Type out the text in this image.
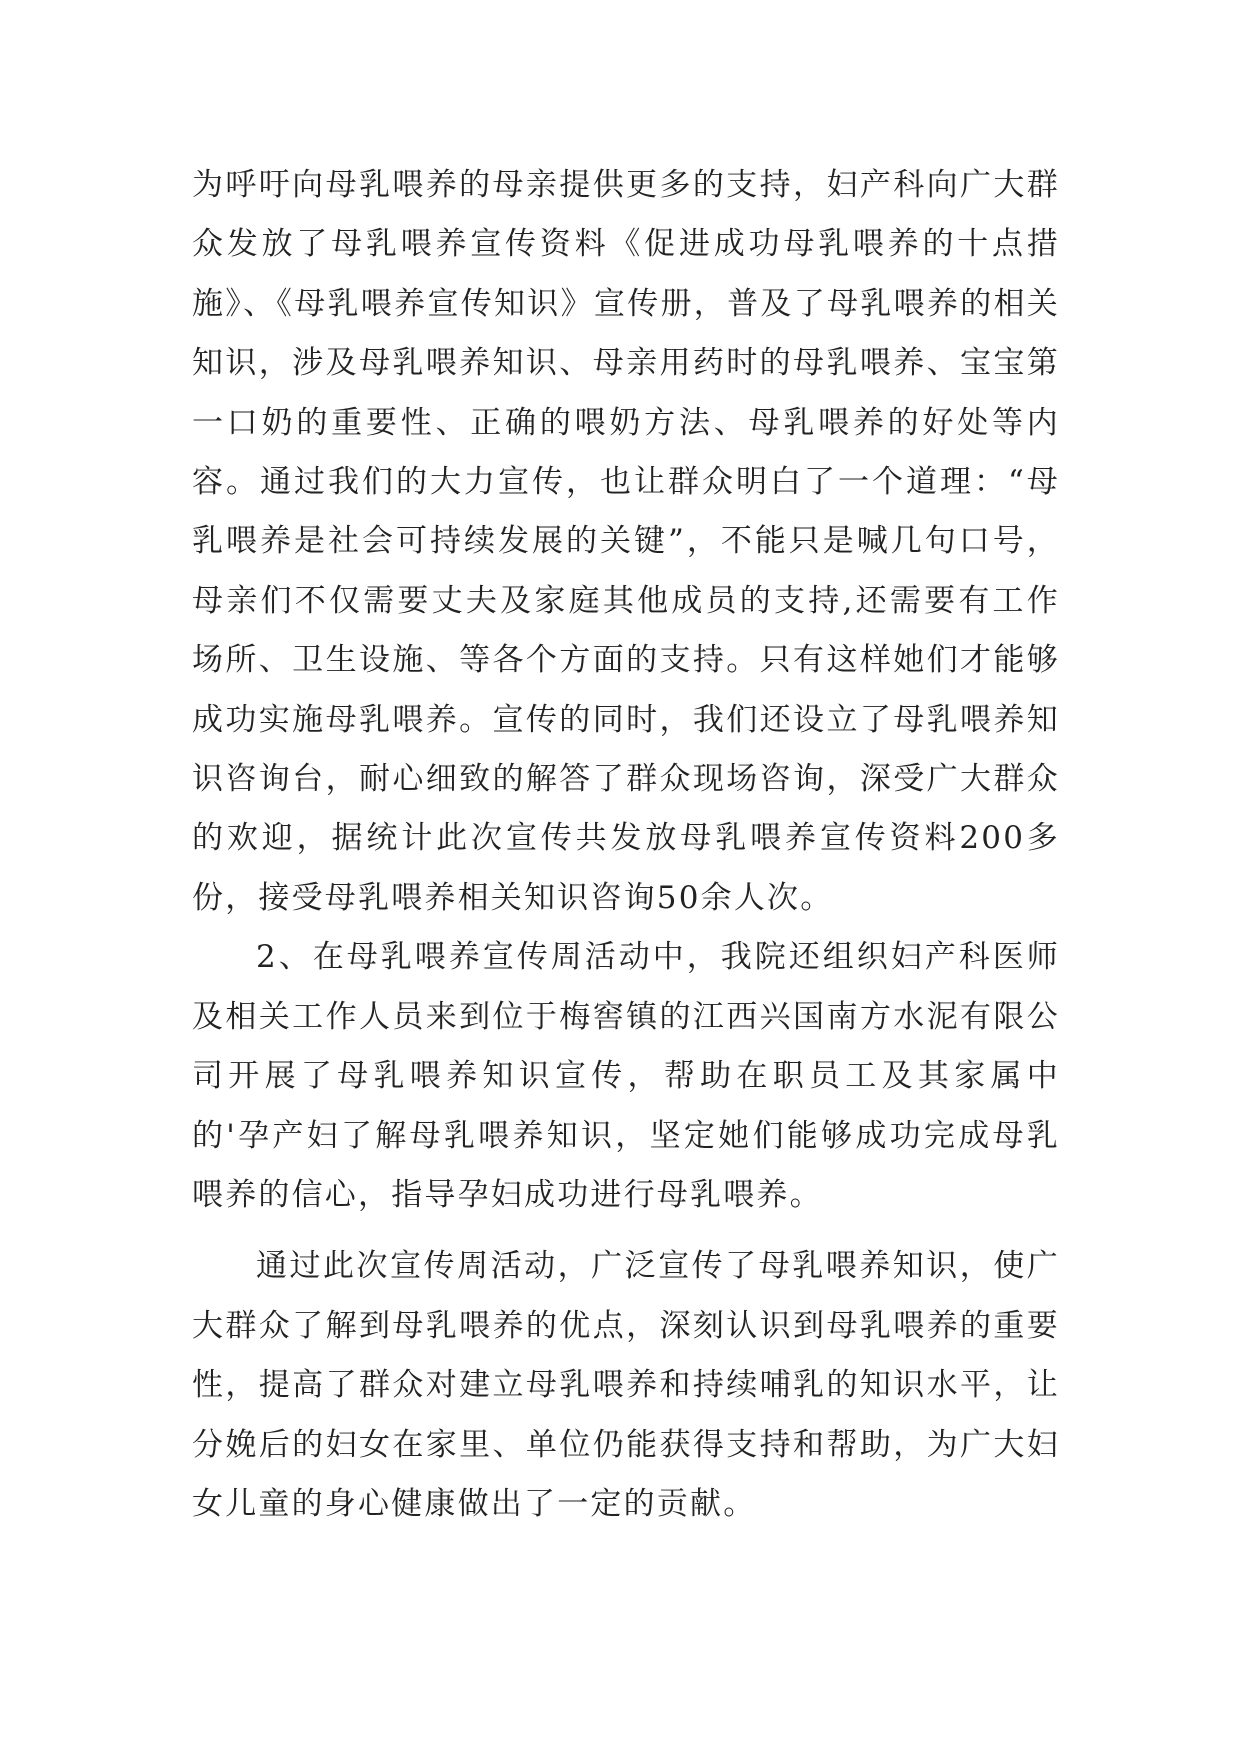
为呼吁向母乳喂养的母亲提供更多的支持，妇产科向广大群众发放了母乳喂养宣传资料《促进成功母乳喂养的十点措施》、《母乳喂养宣传知识》宣传册，普及了母乳喂养的相关知识，涉及母乳喂养知识、母亲用药时的母乳喂养、宝宝第一口奶的重要性、正确的喂奶方法、母乳喂养的好处等内容。通过我们的大力宣传，也让群众明白了一个道理：“母乳喂养是社会可持续发展的关键”，不能只是喊几句口号，母亲们不仅需要丈夫及家庭其他成员的支持,还需要有工作场所、卫生设施、等各个方面的支持。只有这样她们才能够成功实施母乳喂养。宣传的同时，我们还设立了母乳喂养知识咨询台，耐心细致的解答了群众现场咨询，深受广大群众的欢迎，据统计此次宣传共发放母乳喂养宣传资料200多份，接受母乳喂养相关知识咨询50余人次。

2、在母乳喂养宣传周活动中，我院还组织妇产科医师及相关工作人员来到位于梅窖镇的江西兴国南方水泥有限公司开展了母乳喂养知识宣传，帮助在职员工及其家属中的'孕产妇了解母乳喂养知识，坚定她们能够成功完成母乳喂养的信心，指导孕妇成功进行母乳喂养。

通过此次宣传周活动，广泛宣传了母乳喂养知识，使广大群众了解到母乳喂养的优点，深刻认识到母乳喂养的重要性，提高了群众对建立母乳喂养和持续哺乳的知识水平，让分娩后的妇女在家里、单位仍能获得支持和帮助，为广大妇女儿童的身心健康做出了一定的贡献。
